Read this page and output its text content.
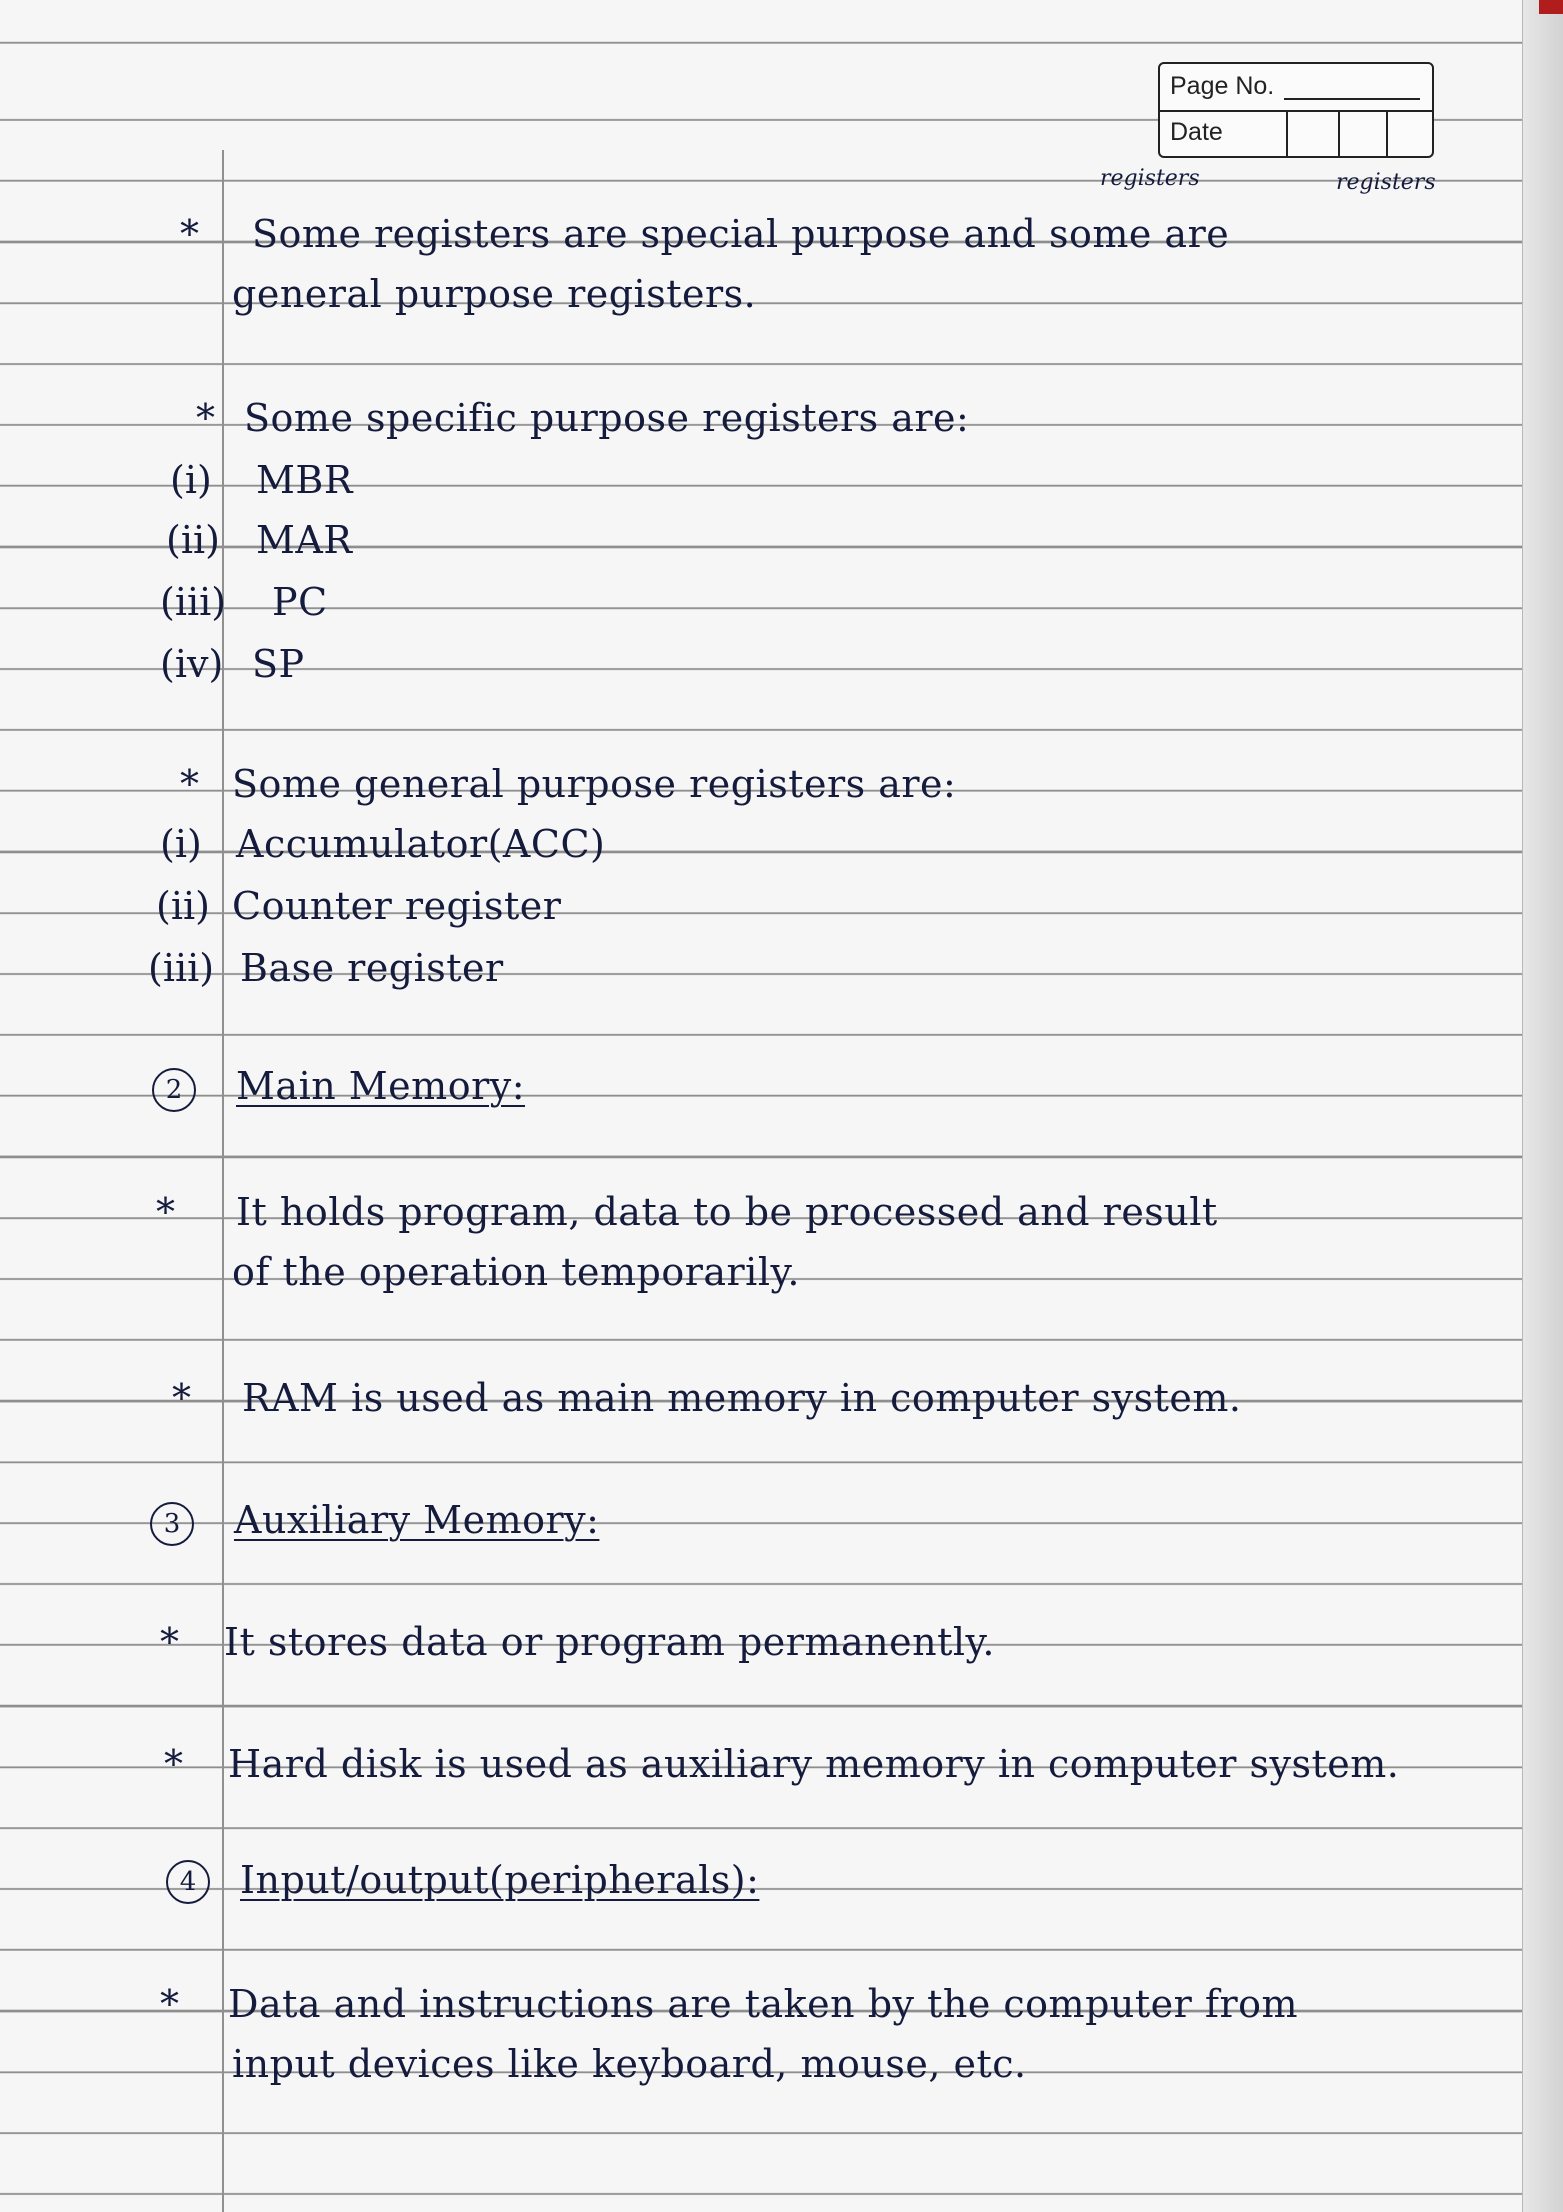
Page No.
Date
registers	registers
* Some registers are special purpose and some are
general purpose registers.
* Some specific purpose registers are:
(i) MBR
(ii) MAR
(iii) PC
(iv) SP
* Some general purpose registers are:
(i) Accumulator(ACC)
(ii) Counter register
(iii) Base register
2	Main Memory:
* It holds program, data to be processed and result
of the operation temporarily.
* RAM is used as main memory in computer system.
3	Auxiliary Memory:
* It stores data or program permanently.
* Hard disk is used as auxiliary memory in computer system.
4	Input/output(peripherals):
* Data and instructions are taken by the computer from
input devices like keyboard, mouse, etc.
